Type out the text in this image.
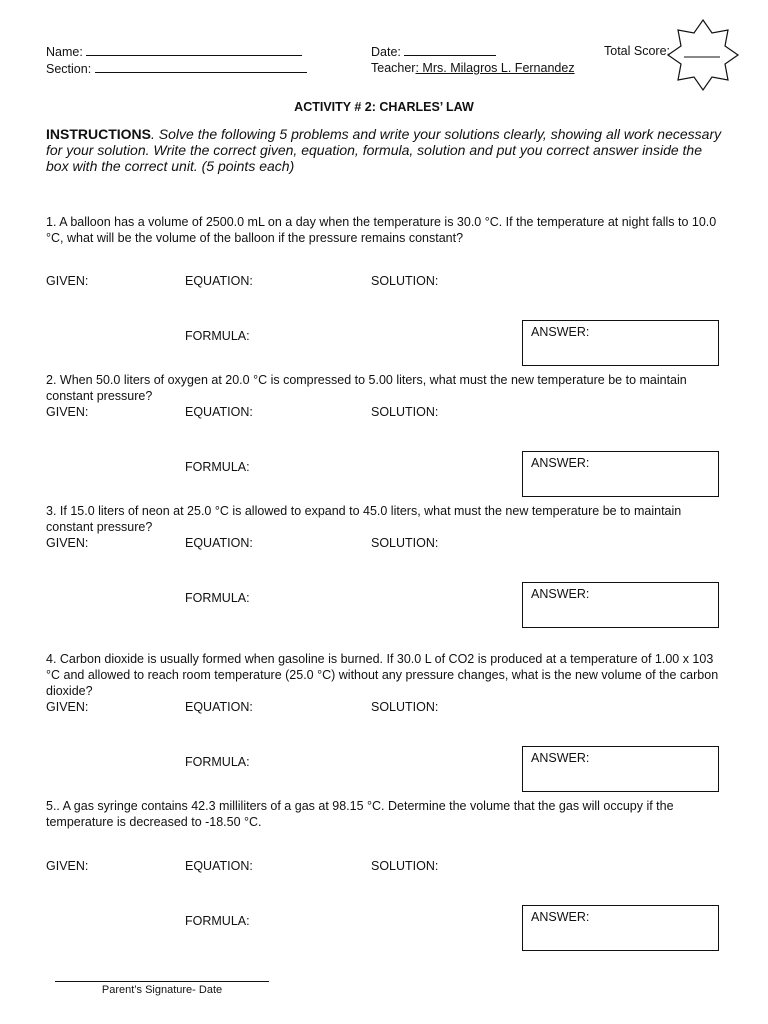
Name:
Section:
Date:
Teacher: Mrs. Milagros L. Fernandez
Total Score:
ACTIVITY # 2: CHARLES’ LAW
INSTRUCTIONS. Solve the following 5 problems and write your solutions clearly, showing all work necessary
for your solution. Write the correct given, equation, formula, solution and put you correct answer inside the box with the correct unit. (5 points each)
1. A balloon has a volume of 2500.0 mL on a day when the temperature is 30.0 °C. If the temperature at night falls to 10.0 °C, what will be the volume of the balloon if the pressure remains constant?
GIVEN:	EQUATION:	SOLUTION:
FORMULA:	ANSWER:
2. When 50.0 liters of oxygen at 20.0 °C is compressed to 5.00 liters, what must the new temperature be to maintain constant pressure?
GIVEN:	EQUATION:	SOLUTION:
FORMULA:	ANSWER:
3. If 15.0 liters of neon at 25.0 °C is allowed to expand to 45.0 liters, what must the new temperature be to maintain constant pressure?
GIVEN:	EQUATION:	SOLUTION:
FORMULA:	ANSWER:
4. Carbon dioxide is usually formed when gasoline is burned. If 30.0 L of CO2 is produced at a temperature of 1.00 x 103 °C and allowed to reach room temperature (25.0 °C) without any pressure changes, what is the new volume of the carbon dioxide?
GIVEN:	EQUATION:	SOLUTION:
FORMULA:	ANSWER:
5.. A gas syringe contains 42.3 milliliters of a gas at 98.15 °C. Determine the volume that the gas will occupy if the temperature is decreased to -18.50 °C.
GIVEN:	EQUATION:	SOLUTION:
FORMULA:	ANSWER:
Parent’s Signature- Date
